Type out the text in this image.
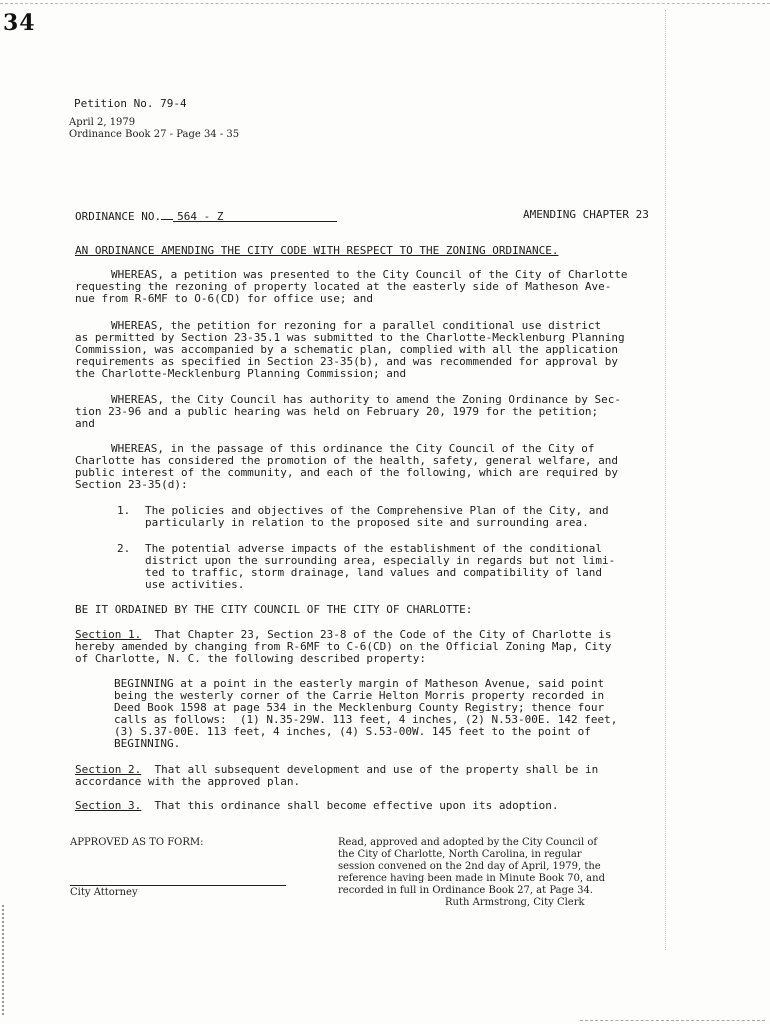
34
Petition No. 79-4
April 2, 1979
Ordinance Book 27 - Page 34 - 35
ORDINANCE NO. 564 - Z	AMENDING CHAPTER 23
AN ORDINANCE AMENDING THE CITY CODE WITH RESPECT TO THE ZONING ORDINANCE.
WHEREAS, a petition was presented to the City Council of the City of Charlotte
requesting the rezoning of property located at the easterly side of Matheson Ave-
nue from R-6MF to O-6(CD) for office use; and
WHEREAS, the petition for rezoning for a parallel conditional use district
as permitted by Section 23-35.1 was submitted to the Charlotte-Mecklenburg Planning
Commission, was accompanied by a schematic plan, complied with all the application
requirements as specified in Section 23-35(b), and was recommended for approval by
the Charlotte-Mecklenburg Planning Commission; and
WHEREAS, the City Council has authority to amend the Zoning Ordinance by Sec-
tion 23-96 and a public hearing was held on February 20, 1979 for the petition;
and
WHEREAS, in the passage of this ordinance the City Council of the City of
Charlotte has considered the promotion of the health, safety, general welfare, and
public interest of the community, and each of the following, which are required by
Section 23-35(d):
1. The policies and objectives of the Comprehensive Plan of the City, and
particularly in relation to the proposed site and surrounding area.
2. The potential adverse impacts of the establishment of the conditional
district upon the surrounding area, especially in regards but not limi-
ted to traffic, storm drainage, land values and compatibility of land
use activities.
BE IT ORDAINED BY THE CITY COUNCIL OF THE CITY OF CHARLOTTE:
Section 1.  That Chapter 23, Section 23-8 of the Code of the City of Charlotte is
hereby amended by changing from R-6MF to C-6(CD) on the Official Zoning Map, City
of Charlotte, N. C. the following described property:
BEGINNING at a point in the easterly margin of Matheson Avenue, said point
being the westerly corner of the Carrie Helton Morris property recorded in
Deed Book 1598 at page 534 in the Mecklenburg County Registry; thence four
calls as follows:  (1) N.35-29W. 113 feet, 4 inches, (2) N.53-00E. 142 feet,
(3) S.37-00E. 113 feet, 4 inches, (4) S.53-00W. 145 feet to the point of
BEGINNING.
Section 2.  That all subsequent development and use of the property shall be in
accordance with the approved plan.
Section 3.  That this ordinance shall become effective upon its adoption.
APPROVED AS TO FORM:
City Attorney
Read, approved and adopted by the City Council of
the City of Charlotte, North Carolina, in regular
session convened on the 2nd day of April, 1979, the
reference having been made in Minute Book 70, and
recorded in full in Ordinance Book 27, at Page 34.
Ruth Armstrong, City Clerk
